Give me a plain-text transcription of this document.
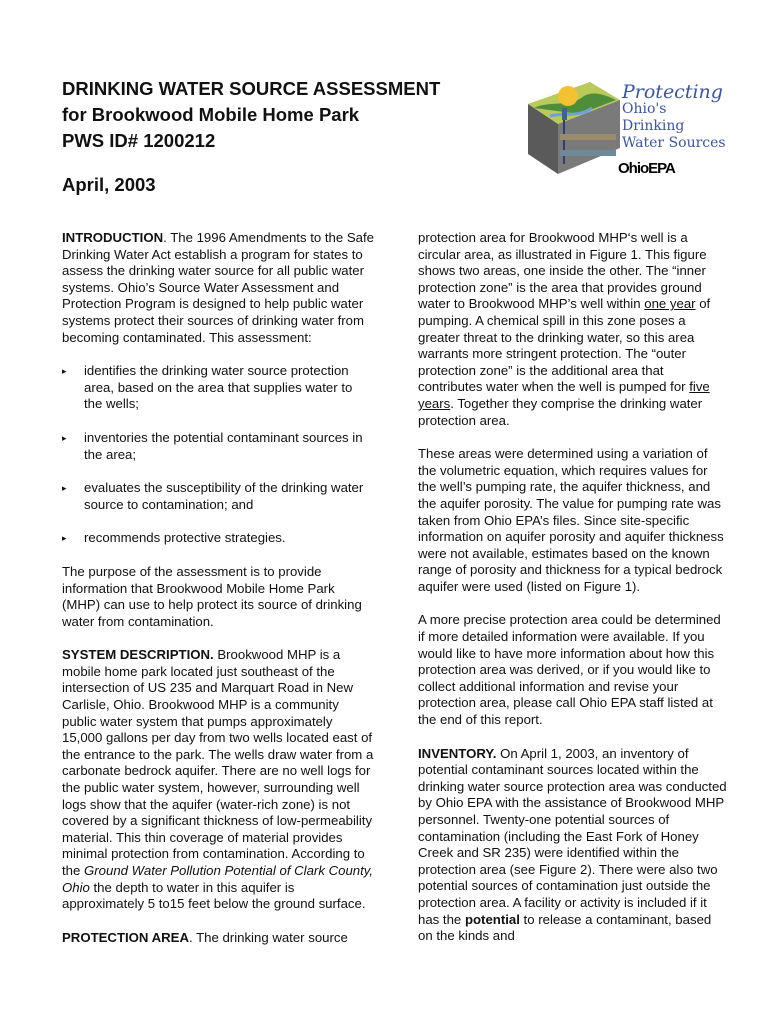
DRINKING WATER SOURCE ASSESSMENT
for Brookwood Mobile Home Park
PWS ID# 1200212
April, 2003
Protecting
Ohio's Drinking
Water Sources
OhioEPA

INTRODUCTION. The 1996 Amendments to the Safe Drinking Water Act establish a program for states to assess the drinking water source for all public water systems. Ohio’s Source Water Assessment and Protection Program is designed to help public water systems protect their sources of drinking water from becoming contaminated. This assessment:

▸ identifies the drinking water source protection area, based on the area that supplies water to the wells;
▸ inventories the potential contaminant sources in the area;
▸ evaluates the susceptibility of the drinking water source to contamination; and
▸ recommends protective strategies.

The purpose of the assessment is to provide information that Brookwood Mobile Home Park (MHP) can use to help protect its source of drinking water from contamination.

SYSTEM DESCRIPTION. Brookwood MHP is a mobile home park located just southeast of the intersection of US 235 and Marquart Road in New Carlisle, Ohio. Brookwood MHP is a community public water system that pumps approximately 15,000 gallons per day from two wells located east of the entrance to the park. The wells draw water from a carbonate bedrock aquifer. There are no well logs for the public water system, however, surrounding well logs show that the aquifer (water-rich zone) is not covered by a significant thickness of low-permeability material. This thin coverage of material provides minimal protection from contamination. According to the Ground Water Pollution Potential of Clark County, Ohio the depth to water in this aquifer is approximately 5 to15 feet below the ground surface.

PROTECTION AREA. The drinking water source

protection area for Brookwood MHP‘s well is a circular area, as illustrated in Figure 1. This figure shows two areas, one inside the other. The “inner protection zone” is the area that provides ground water to Brookwood MHP’s well within one year of pumping. A chemical spill in this zone poses a greater threat to the drinking water, so this area warrants more stringent protection. The “outer protection zone” is the additional area that contributes water when the well is pumped for five years. Together they comprise the drinking water protection area.

These areas were determined using a variation of the volumetric equation, which requires values for the well’s pumping rate, the aquifer thickness, and the aquifer porosity. The value for pumping rate was taken from Ohio EPA’s files. Since site-specific information on aquifer porosity and aquifer thickness were not available, estimates based on the known range of porosity and thickness for a typical bedrock aquifer were used (listed on Figure 1).

A more precise protection area could be determined if more detailed information were available. If you would like to have more information about how this protection area was derived, or if you would like to collect additional information and revise your protection area, please call Ohio EPA staff listed at the end of this report.

INVENTORY. On April 1, 2003, an inventory of potential contaminant sources located within the drinking water source protection area was conducted by Ohio EPA with the assistance of Brookwood MHP personnel. Twenty-one potential sources of contamination (including the East Fork of Honey Creek and SR 235) were identified within the protection area (see Figure 2). There were also two potential sources of contamination just outside the protection area. A facility or activity is included if it has the potential to release a contaminant, based on the kinds and
